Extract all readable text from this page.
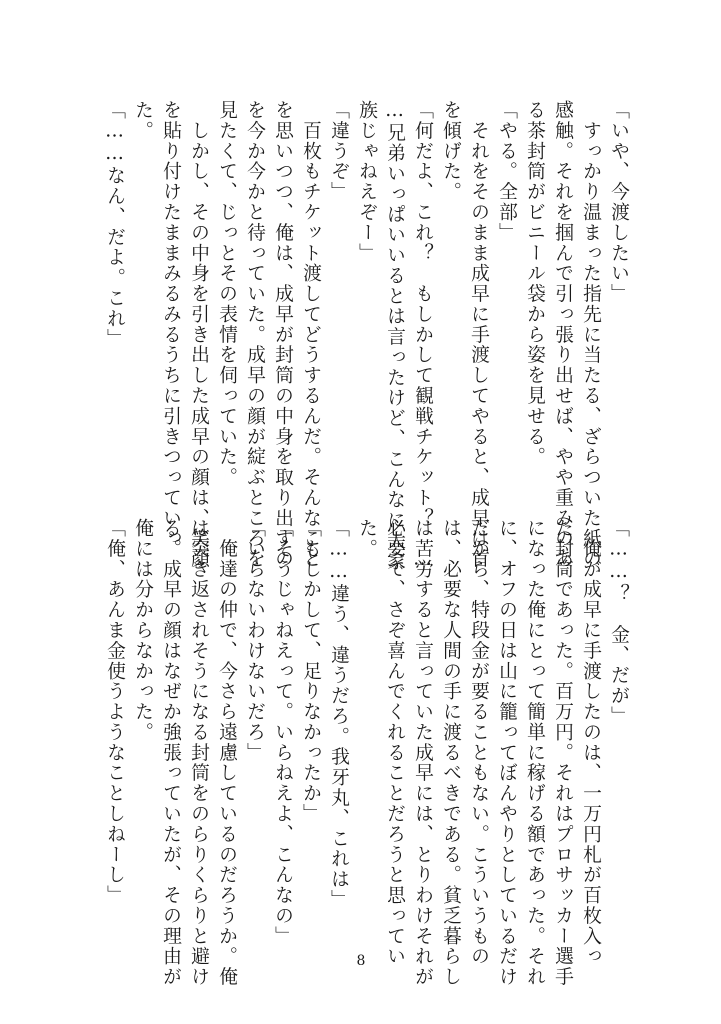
「いや、今渡したい」

　すっかり温まった指先に当たる、ざらついた紙の

感触。それを掴んで引っ張り出せば、やや重みのあ

る茶封筒がビニール袋から姿を見せる。

「やる。全部」

　それをそのまま成早に手渡してやると、成早は首

を傾げた。

「何だよ、これ？　もしかして観戦チケット？　…

…兄弟いっぱいいるとは言ったけど、こんなに大家

族じゃねえぞー」

「違うぞ」

　百枚もチケット渡してどうするんだ。そんなこと

を思いつつ、俺は、成早が封筒の中身を取り出すの

を今か今かと待っていた。成早の顔が綻ぶところを

見たくて、じっとその表情を伺っていた。

　しかし、その中身を引き出した成早の顔は、笑顔

を貼り付けたままみるみるうちに引きつっていっ

た。

「……なん、だよ。これ」

「……？　金、だが」

　俺が成早に手渡したのは、一万円札が百枚入っ

た封筒であった。百万円。それはプロサッカー選手

になった俺にとって簡単に稼げる額であった。それ

に、オフの日は山に籠ってぼんやりとしているだけ

だから、特段金が要ることもない。こういうもの

は、必要な人間の手に渡るべきである。貧乏暮らし

は苦労すると言っていた成早には、とりわけそれが

必要で、さぞ喜んでくれることだろうと思ってい

た。

「……違う、違うだろ。我牙丸、これは」

「もしかして、足りなかったか」

「そうじゃねえって。いらねえよ、こんなの」

「いらないわけないだろ」

　俺達の仲で、今さら遠慮しているのだろうか。俺

は突き返されそうになる封筒をのらりくらりと避け

る。成早の顔はなぜか強張っていたが、その理由が

俺には分からなかった。

「俺、あんま金使うようなことしねーし」

8
